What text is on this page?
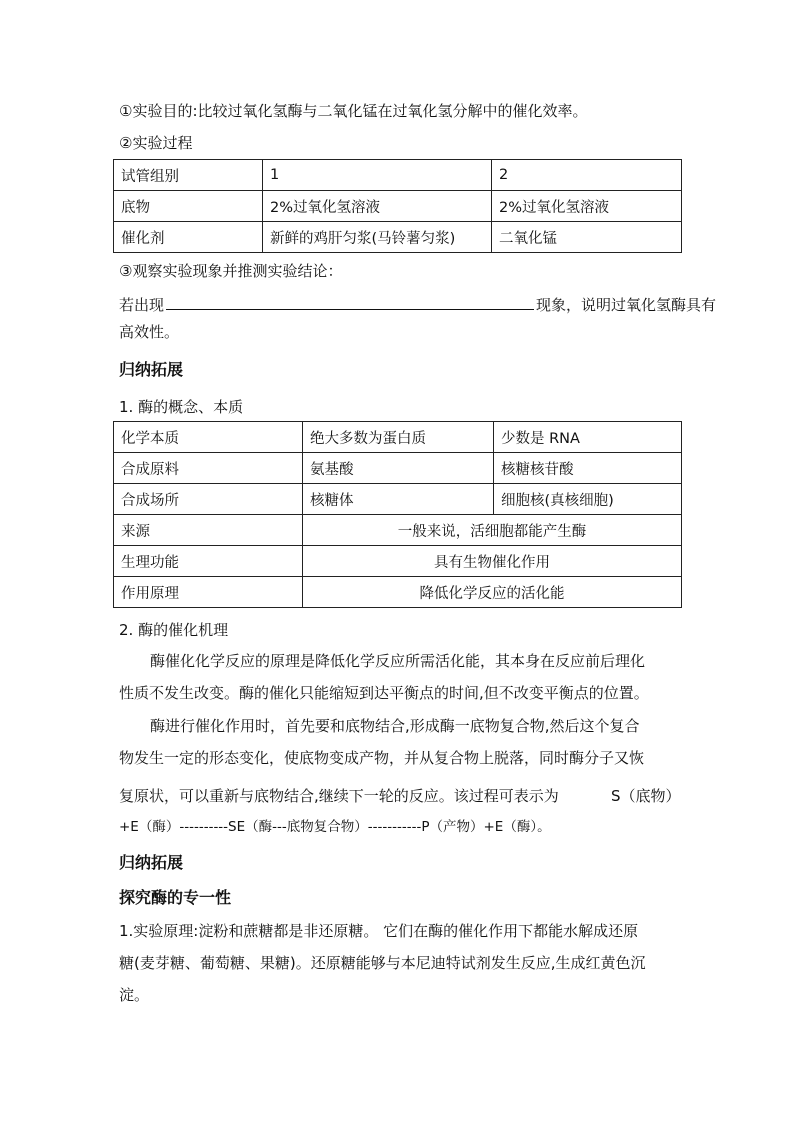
①实验目的:比较过氧化氢酶与二氧化锰在过氧化氢分解中的催化效率。
②实验过程
试管组别	1	2
底物	2%过氧化氢溶液	2%过氧化氢溶液
催化剂	新鲜的鸡肝匀浆(马铃薯匀浆)	二氧化锰
③观察实验现象并推测实验结论：
若出现	现象，说明过氧化氢酶具有
高效性。
归纳拓展
1. 酶的概念、本质
化学本质	绝大多数为蛋白质	少数是 RNA
合成原料	氨基酸	核糖核苷酸
合成场所	核糖体	细胞核(真核细胞)
来源	一般来说，活细胞都能产生酶	
生理功能	具有生物催化作用	
作用原理	降低化学反应的活化能	
2. 酶的催化机理
酶催化化学反应的原理是降低化学反应所需活化能，其本身在反应前后理化
性质不发生改变。酶的催化只能缩短到达平衡点的时间,但不改变平衡点的位置。
酶进行催化作用时，首先要和底物结合,形成酶一底物复合物,然后这个复合
物发生一定的形态变化，使底物变成产物，并从复合物上脱落，同时酶分子又恢
复原状，可以重新与底物结合,继续下一轮的反应。该过程可表示为	S（底物）
+E（酶）----------SE（酶---底物复合物）-----------P（产物）+E（酶）。
归纳拓展
探究酶的专一性
1.实验原理:淀粉和蔗糖都是非还原糖。 它们在酶的催化作用下都能水解成还原
糖(麦芽糖、葡萄糖、果糖)。还原糖能够与本尼迪特试剂发生反应,生成红黄色沉
淀。
